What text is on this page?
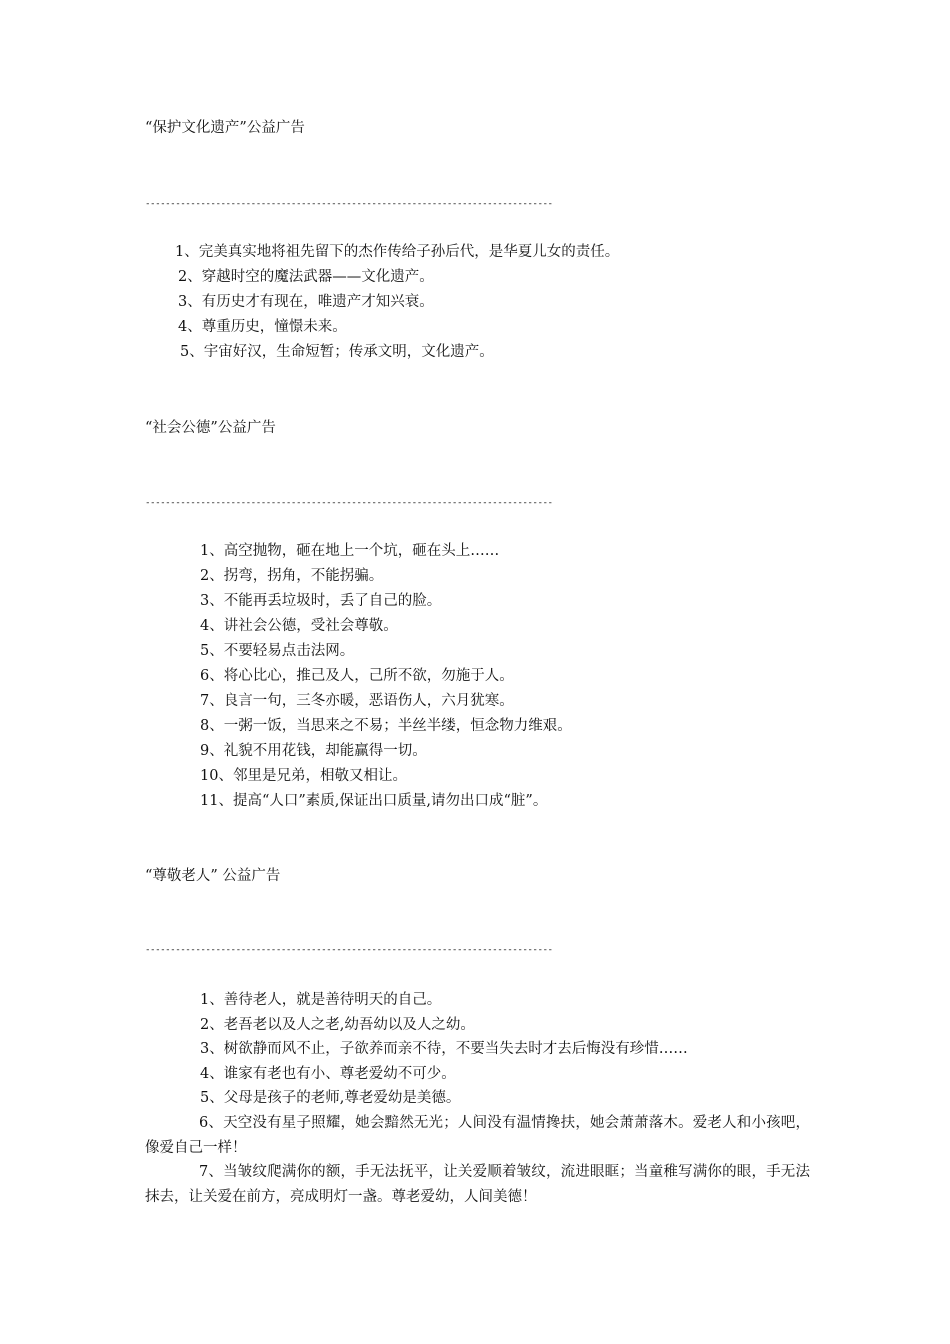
“保护文化遗产”公益广告
---------------------------------------------------------------------------------
1、完美真实地将祖先留下的杰作传给子孙后代，是华夏儿女的责任。
2、穿越时空的魔法武器——文化遗产。
3、有历史才有现在，唯遗产才知兴衰。
4、尊重历史，憧憬未来。
5、宇宙好汉，生命短暂；传承文明，文化遗产。
“社会公德”公益广告
---------------------------------------------------------------------------------
1、高空抛物，砸在地上一个坑，砸在头上……
2、拐弯，拐角，不能拐骗。
3、不能再丢垃圾时，丢了自己的脸。
4、讲社会公德，受社会尊敬。
5、不要轻易点击法网。
6、将心比心，推己及人，己所不欲，勿施于人。
7、良言一句，三冬亦暖，恶语伤人，六月犹寒。
8、一粥一饭，当思来之不易；半丝半缕，恒念物力维艰。
9、礼貌不用花钱，却能赢得一切。
10、邻里是兄弟，相敬又相让。
11、提高“人口”素质,保证出口质量,请勿出口成“脏”。
“尊敬老人” 公益广告
---------------------------------------------------------------------------------
1、善待老人，就是善待明天的自己。
2、老吾老以及人之老,幼吾幼以及人之幼。
3、树欲静而风不止，子欲养而亲不待，不要当失去时才去后悔没有珍惜……
4、谁家有老也有小、尊老爱幼不可少。
5、父母是孩子的老师,尊老爱幼是美德。
6、天空没有星子照耀，她会黯然无光；人间没有温情搀扶，她会萧萧落木。爱老人和小孩吧，像爱自己一样！
7、当皱纹爬满你的额，手无法抚平，让关爱顺着皱纹，流进眼眶；当童稚写满你的眼，手无法抹去，让关爱在前方，亮成明灯一盏。尊老爱幼，人间美德！
